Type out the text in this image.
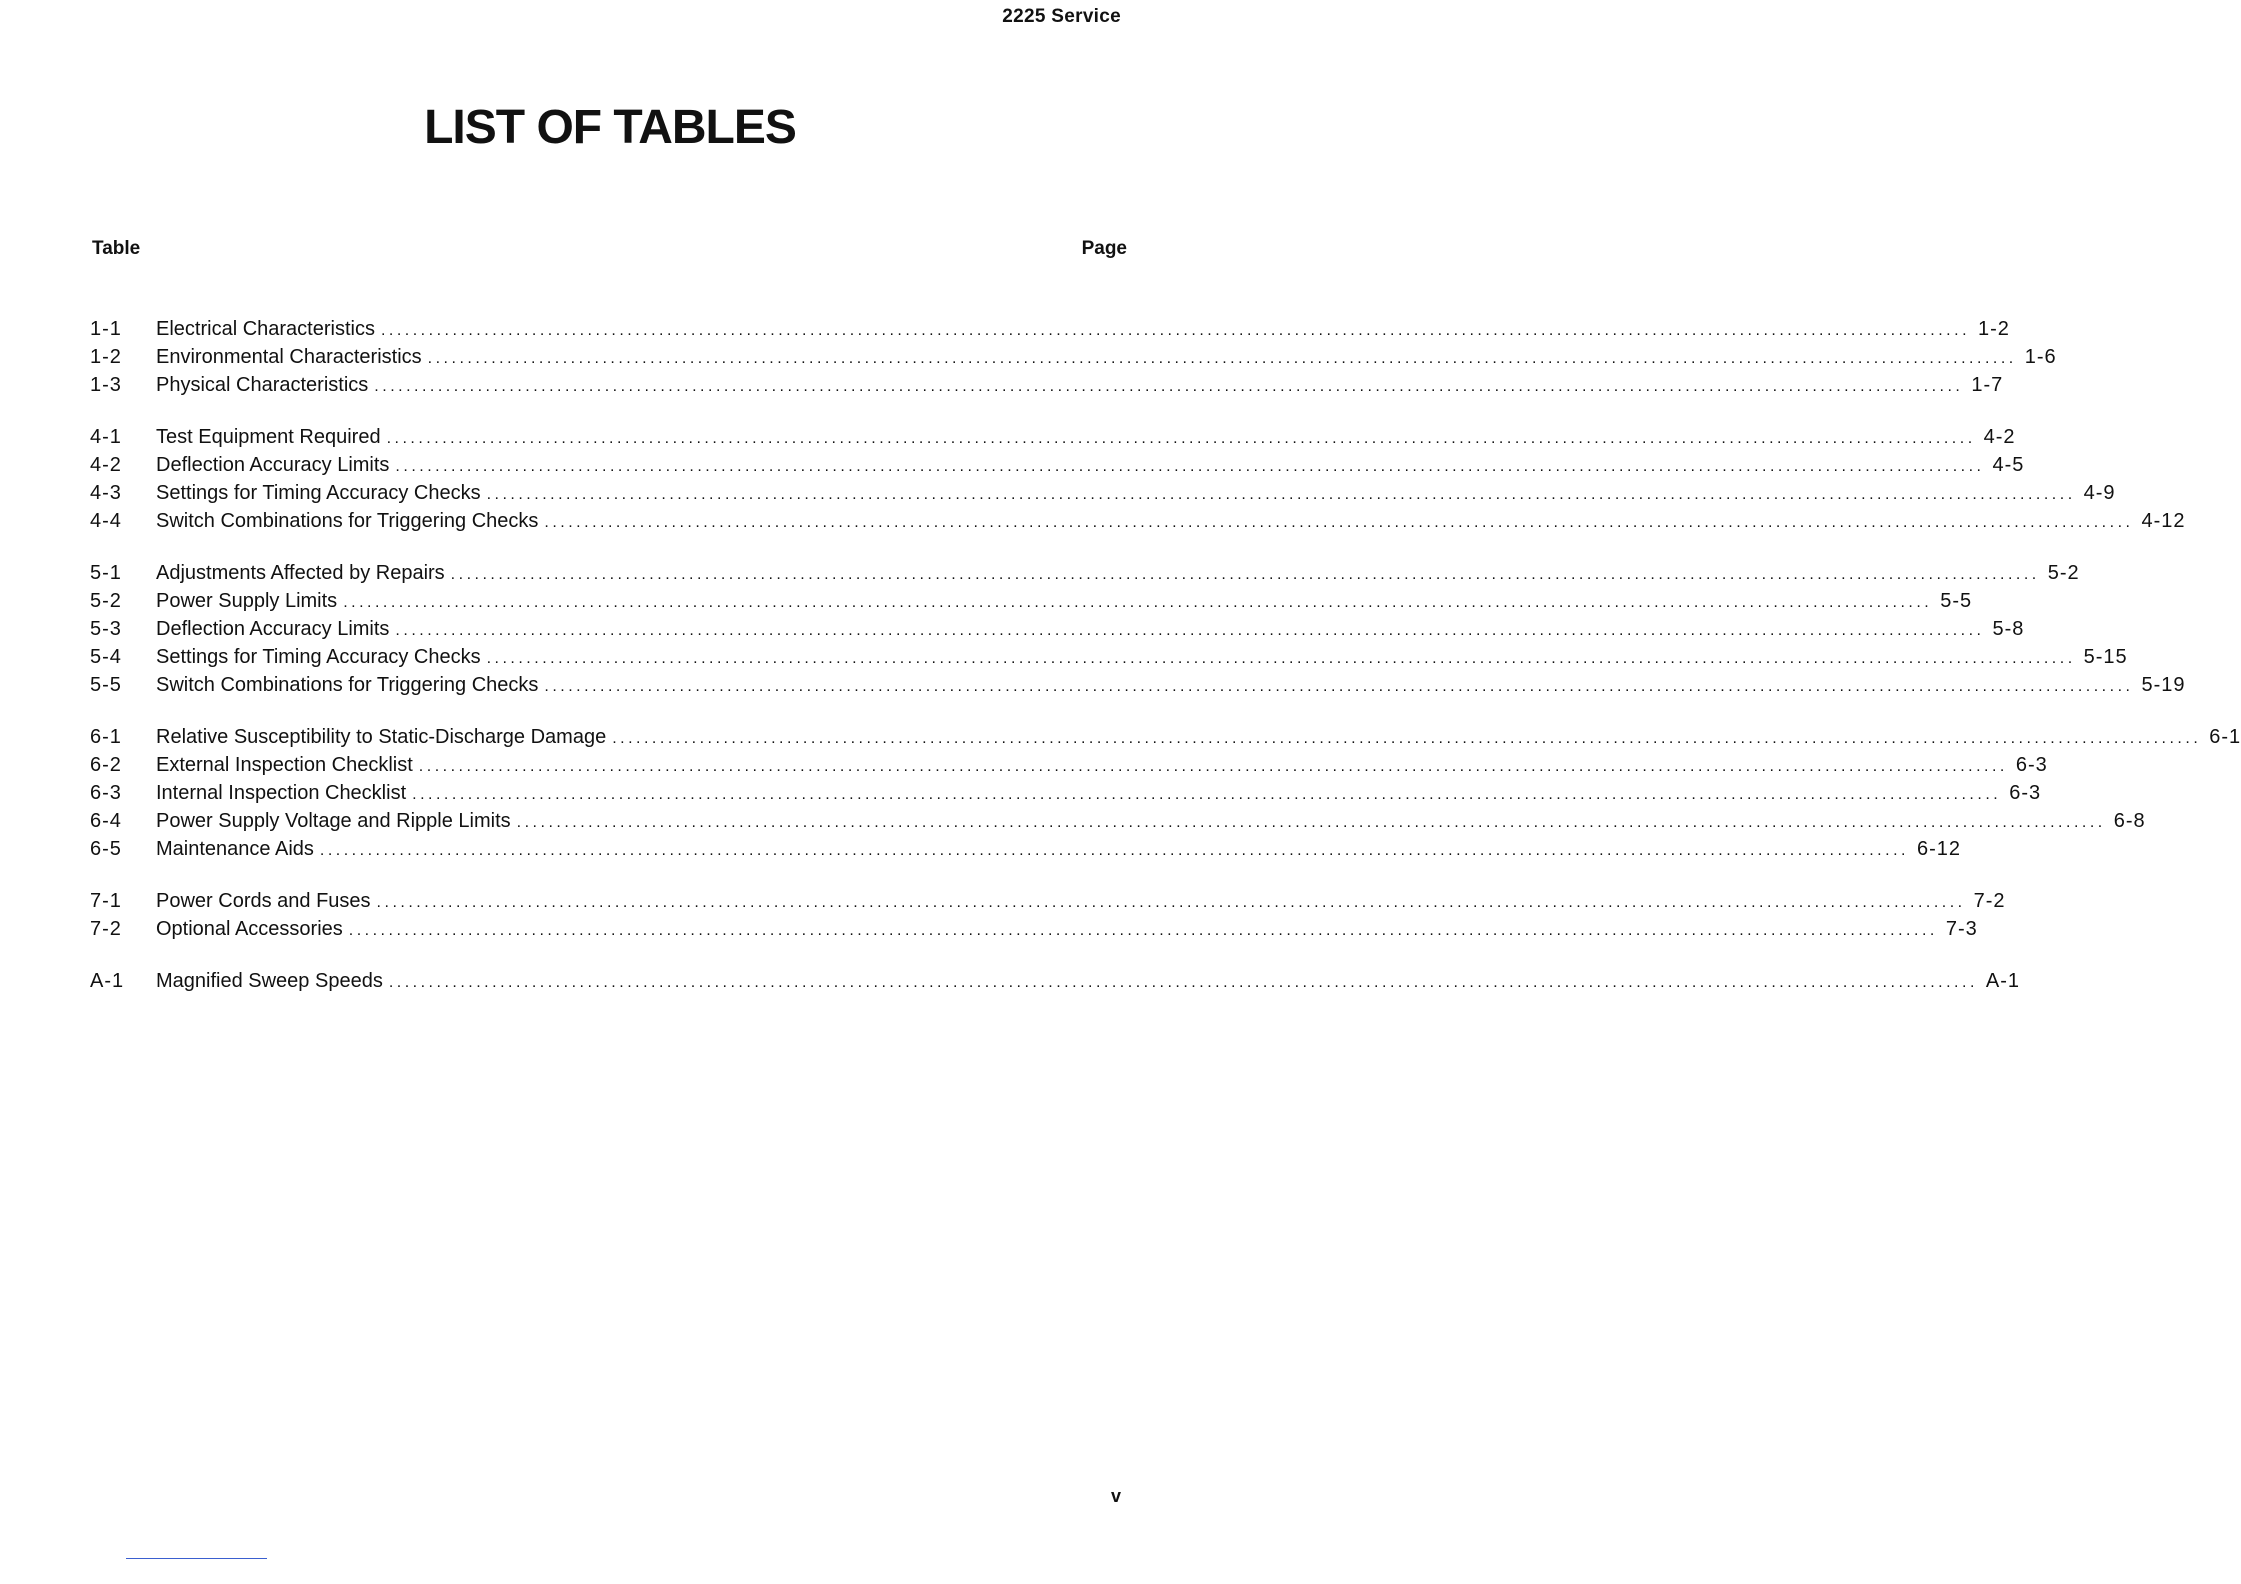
2225 Service
LIST OF TABLES
Table	Page
1-1	Electrical Characteristics ........................................................................................................................................................................................................ 1-2
1-2	Environmental Characteristics ........................................................................................................................................................................................................ 1-6
1-3	Physical Characteristics ........................................................................................................................................................................................................ 1-7
4-1	Test Equipment Required ........................................................................................................................................................................................................ 4-2
4-2	Deflection Accuracy Limits ........................................................................................................................................................................................................ 4-5
4-3	Settings for Timing Accuracy Checks ........................................................................................................................................................................................................ 4-9
4-4	Switch Combinations for Triggering Checks ........................................................................................................................................................................................................ 4-12
5-1	Adjustments Affected by Repairs ........................................................................................................................................................................................................ 5-2
5-2	Power Supply Limits ........................................................................................................................................................................................................ 5-5
5-3	Deflection Accuracy Limits ........................................................................................................................................................................................................ 5-8
5-4	Settings for Timing Accuracy Checks ........................................................................................................................................................................................................ 5-15
5-5	Switch Combinations for Triggering Checks ........................................................................................................................................................................................................ 5-19
6-1	Relative Susceptibility to Static-Discharge Damage ........................................................................................................................................................................................................ 6-1
6-2	External Inspection Checklist ........................................................................................................................................................................................................ 6-3
6-3	Internal Inspection Checklist ........................................................................................................................................................................................................ 6-3
6-4	Power Supply Voltage and Ripple Limits ........................................................................................................................................................................................................ 6-8
6-5	Maintenance Aids ........................................................................................................................................................................................................ 6-12
7-1	Power Cords and Fuses ........................................................................................................................................................................................................ 7-2
7-2	Optional Accessories ........................................................................................................................................................................................................ 7-3
A-1	Magnified Sweep Speeds ........................................................................................................................................................................................................ A-1
v
